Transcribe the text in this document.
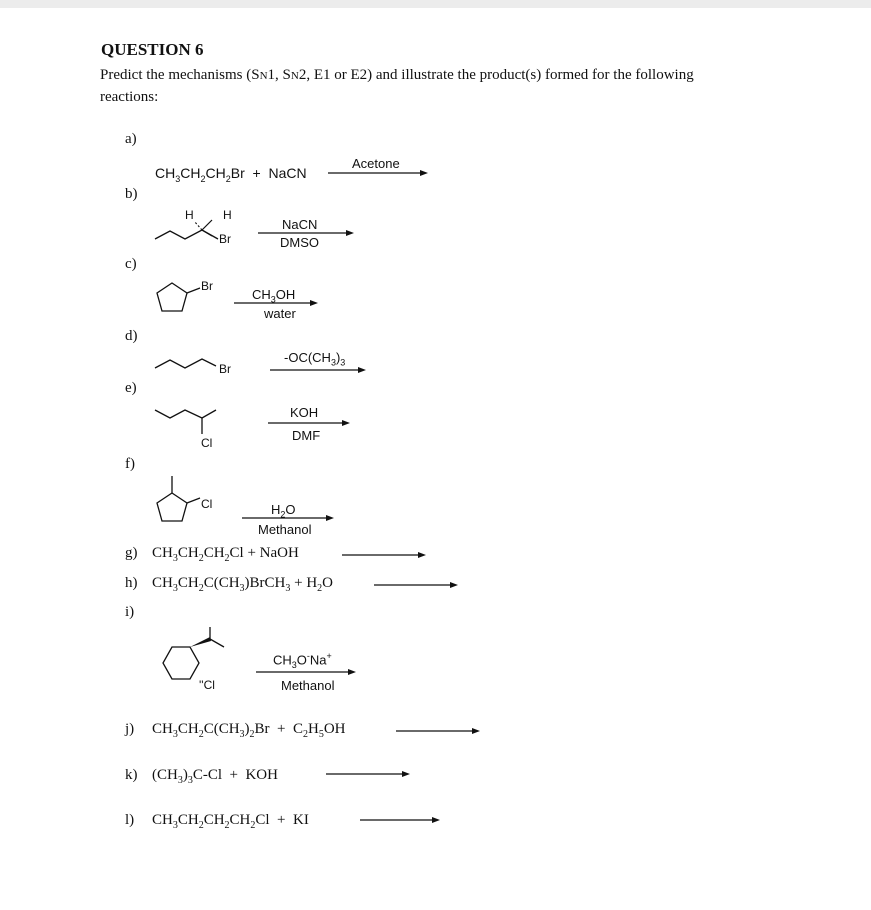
QUESTION 6
Predict the mechanisms (SN1, SN2, E1 or E2) and illustrate the product(s) formed for the following
reactions:
a)
$CH_3CH_2CH_2Br$  +  NaCN
Acetone
b)
H H
Br
NaCN
DMSO
c)
Br
$CH_3OH$
water
d)
Br
$-OC(CH_3)_3$
e)
Cl
KOH
DMF
f)
Cl	$H_2O$
Methanol
g) $CH_3CH_2CH_2Cl$ + NaOH
h) $CH_3CH_2C(CH_3)BrCH_3 + H_2O$
i)
''Cl
$CH_3O^-Na^+$
Methanol
j) $CH_3CH_2C(CH_3)_2Br + C_2H_5OH$
k) $(CH_3)_3C-Cl$  +  KOH
l) $CH_3CH_2CH_2CH_2Cl$  +  KI
